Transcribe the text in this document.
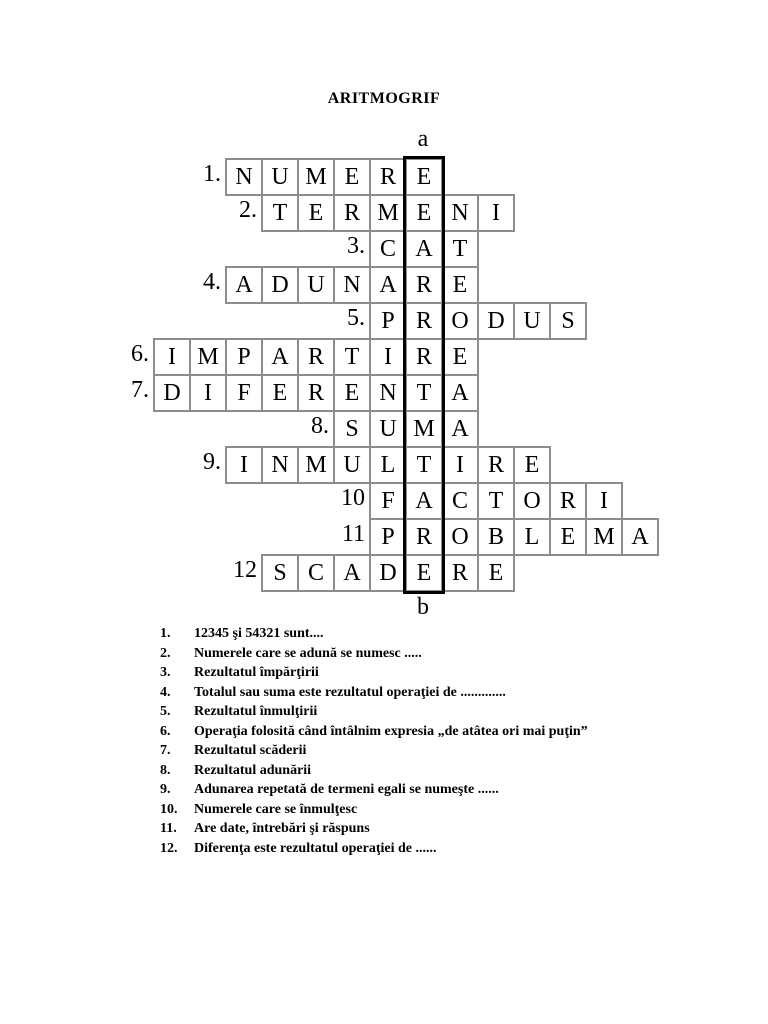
ARITMOGRIF
a
b
1. N U M E R E
2. T E R M E N I
3. C A T
4. A D U N A R E
5. P R O D U S
6. I M P A R T	I R E
7. D I	F E R E N T A
8. S U M A
9. I N M U L T	I R E
10 F A C T O R	I
11 P R O B L E M A
12 S C A D E R E
1. 12345 şi 54321 sunt....
2. Numerele care se adună se numesc .....
3. Rezultatul împărţirii
4. Totalul sau suma este rezultatul operaţiei de .............
5. Rezultatul înmulţirii
6. Operaţia folosită când întâlnim expresia „de atâtea ori mai puţin”
7. Rezultatul scăderii
8. Rezultatul adunării
9. Adunarea repetată de termeni egali se numeşte ......
10. Numerele care se înmulţesc
11. Are date, întrebări şi răspuns
12. Diferenţa este rezultatul operaţiei de ......
